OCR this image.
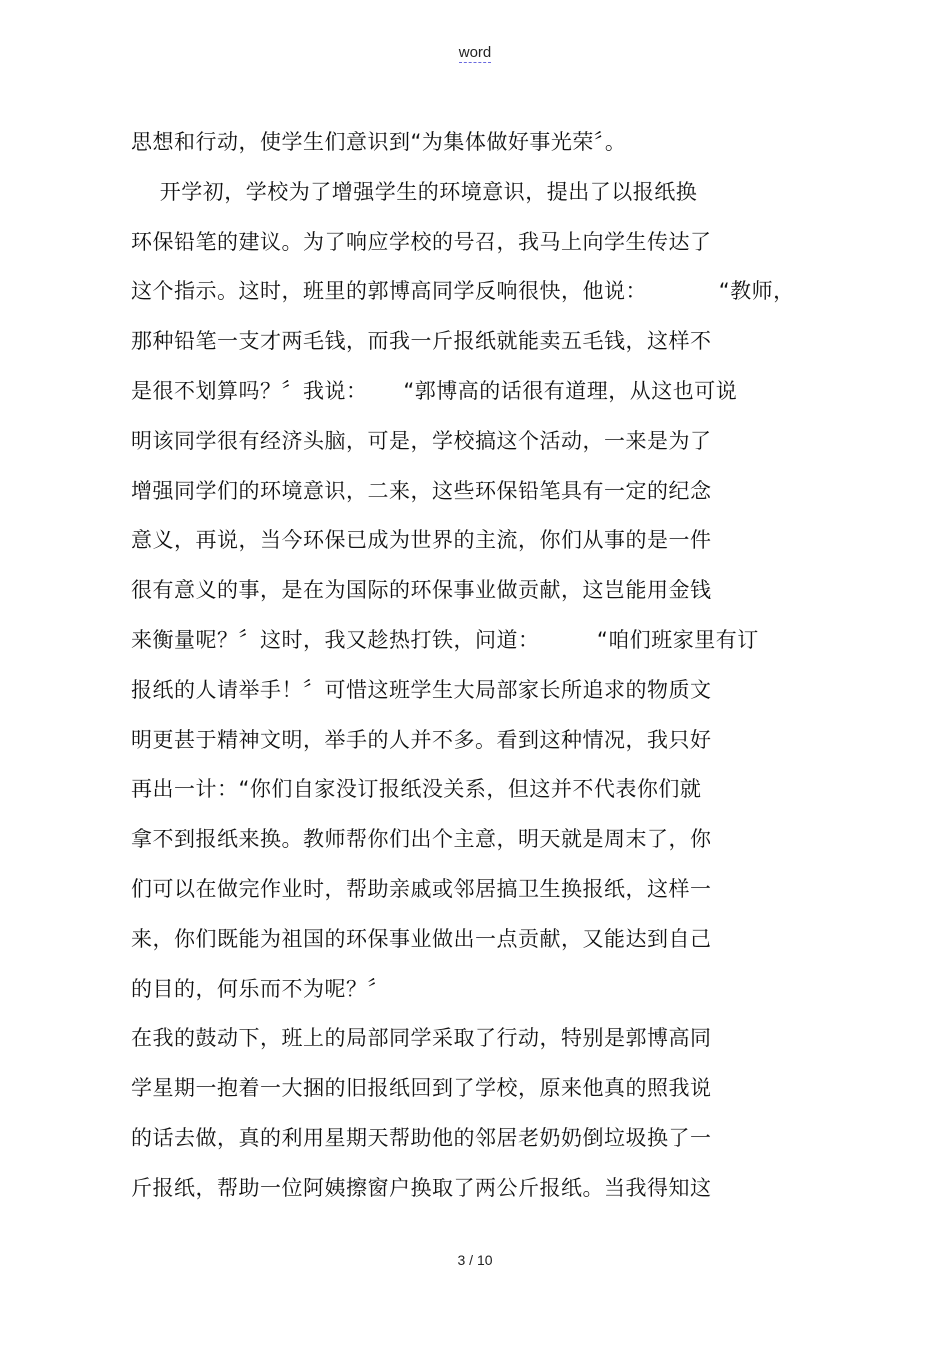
word
思想和行动，使学生们意识到“为集体做好事光荣〞。
开学初，学校为了增强学生的环境意识，提出了以报纸换
环保铅笔的建议。为了响应学校的号召，我马上向学生传达了
这个指示。这时，班里的郭博高同学反响很快，他说：          “教师，
那种铅笔一支才两毛钱，而我一斤报纸就能卖五毛钱，这样不
是很不划算吗？〞我说：     “郭博高的话很有道理，从这也可说
明该同学很有经济头脑，可是，学校搞这个活动，一来是为了
增强同学们的环境意识，二来，这些环保铅笔具有一定的纪念
意义，再说，当今环保已成为世界的主流，你们从事的是一件
很有意义的事，是在为国际的环保事业做贡献，这岂能用金钱
来衡量呢？〞这时，我又趁热打铁，问道：        “咱们班家里有订
报纸的人请举手！〞可惜这班学生大局部家长所追求的物质文
明更甚于精神文明，举手的人并不多。看到这种情况，我只好
再出一计：“你们自家没订报纸没关系，但这并不代表你们就
拿不到报纸来换。教师帮你们出个主意，明天就是周末了，你
们可以在做完作业时，帮助亲戚或邻居搞卫生换报纸，这样一
来，你们既能为祖国的环保事业做出一点贡献，又能达到自己
的目的，何乐而不为呢？〞
在我的鼓动下，班上的局部同学采取了行动，特别是郭博高同
学星期一抱着一大捆的旧报纸回到了学校，原来他真的照我说
的话去做，真的利用星期天帮助他的邻居老奶奶倒垃圾换了一
斤报纸，帮助一位阿姨擦窗户换取了两公斤报纸。当我得知这
3 / 10
